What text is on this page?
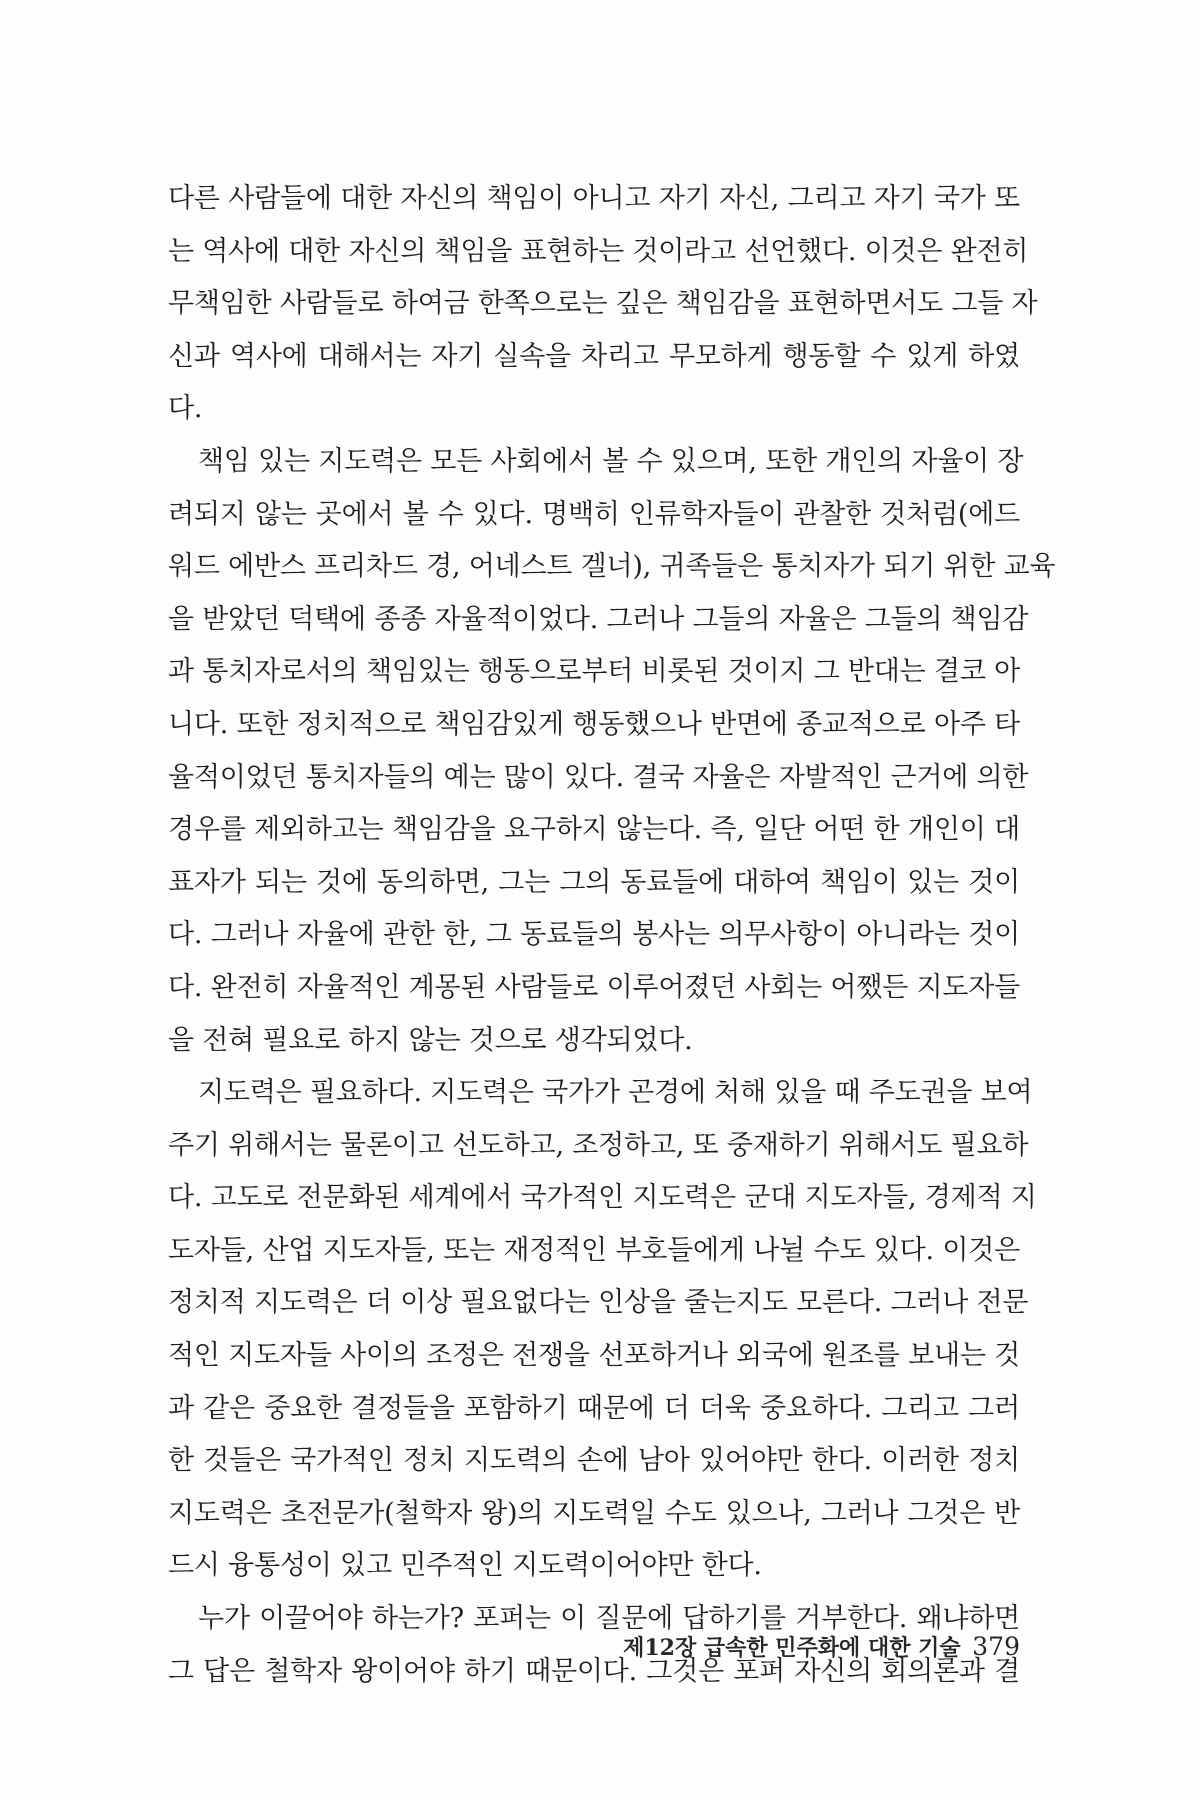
다른 사람들에 대한 자신의 책임이 아니고 자기 자신, 그리고 자기 국가 또
는 역사에 대한 자신의 책임을 표현하는 것이라고 선언했다. 이것은 완전히
무책임한 사람들로 하여금 한쪽으로는 깊은 책임감을 표현하면서도 그들 자
신과 역사에 대해서는 자기 실속을 차리고 무모하게 행동할 수 있게 하였
다.
책임 있는 지도력은 모든 사회에서 볼 수 있으며, 또한 개인의 자율이 장
려되지 않는 곳에서 볼 수 있다. 명백히 인류학자들이 관찰한 것처럼(에드
워드 에반스 프리차드 경, 어네스트 겔너), 귀족들은 통치자가 되기 위한 교육
을 받았던 덕택에 종종 자율적이었다. 그러나 그들의 자율은 그들의 책임감
과 통치자로서의 책임있는 행동으로부터 비롯된 것이지 그 반대는 결코 아
니다. 또한 정치적으로 책임감있게 행동했으나 반면에 종교적으로 아주 타
율적이었던 통치자들의 예는 많이 있다. 결국 자율은 자발적인 근거에 의한
경우를 제외하고는 책임감을 요구하지 않는다. 즉, 일단 어떤 한 개인이 대
표자가 되는 것에 동의하면, 그는 그의 동료들에 대하여 책임이 있는 것이
다. 그러나 자율에 관한 한, 그 동료들의 봉사는 의무사항이 아니라는 것이
다. 완전히 자율적인 계몽된 사람들로 이루어졌던 사회는 어쨌든 지도자들
을 전혀 필요로 하지 않는 것으로 생각되었다.
지도력은 필요하다. 지도력은 국가가 곤경에 처해 있을 때 주도권을 보여
주기 위해서는 물론이고 선도하고, 조정하고, 또 중재하기 위해서도 필요하
다. 고도로 전문화된 세계에서 국가적인 지도력은 군대 지도자들, 경제적 지
도자들, 산업 지도자들, 또는 재정적인 부호들에게 나뉠 수도 있다. 이것은
정치적 지도력은 더 이상 필요없다는 인상을 줄는지도 모른다. 그러나 전문
적인 지도자들 사이의 조정은 전쟁을 선포하거나 외국에 원조를 보내는 것
과 같은 중요한 결정들을 포함하기 때문에 더 더욱 중요하다. 그리고 그러
한 것들은 국가적인 정치 지도력의 손에 남아 있어야만 한다. 이러한 정치
지도력은 초전문가(철학자 왕)의 지도력일 수도 있으나, 그러나 그것은 반
드시 융통성이 있고 민주적인 지도력이어야만 한다.
누가 이끌어야 하는가? 포퍼는 이 질문에 답하기를 거부한다. 왜냐하면
그 답은 철학자 왕이어야 하기 때문이다. 그것은 포퍼 자신의 회의론과 결
제12장 급속한 민주화에 대한 기술 379
